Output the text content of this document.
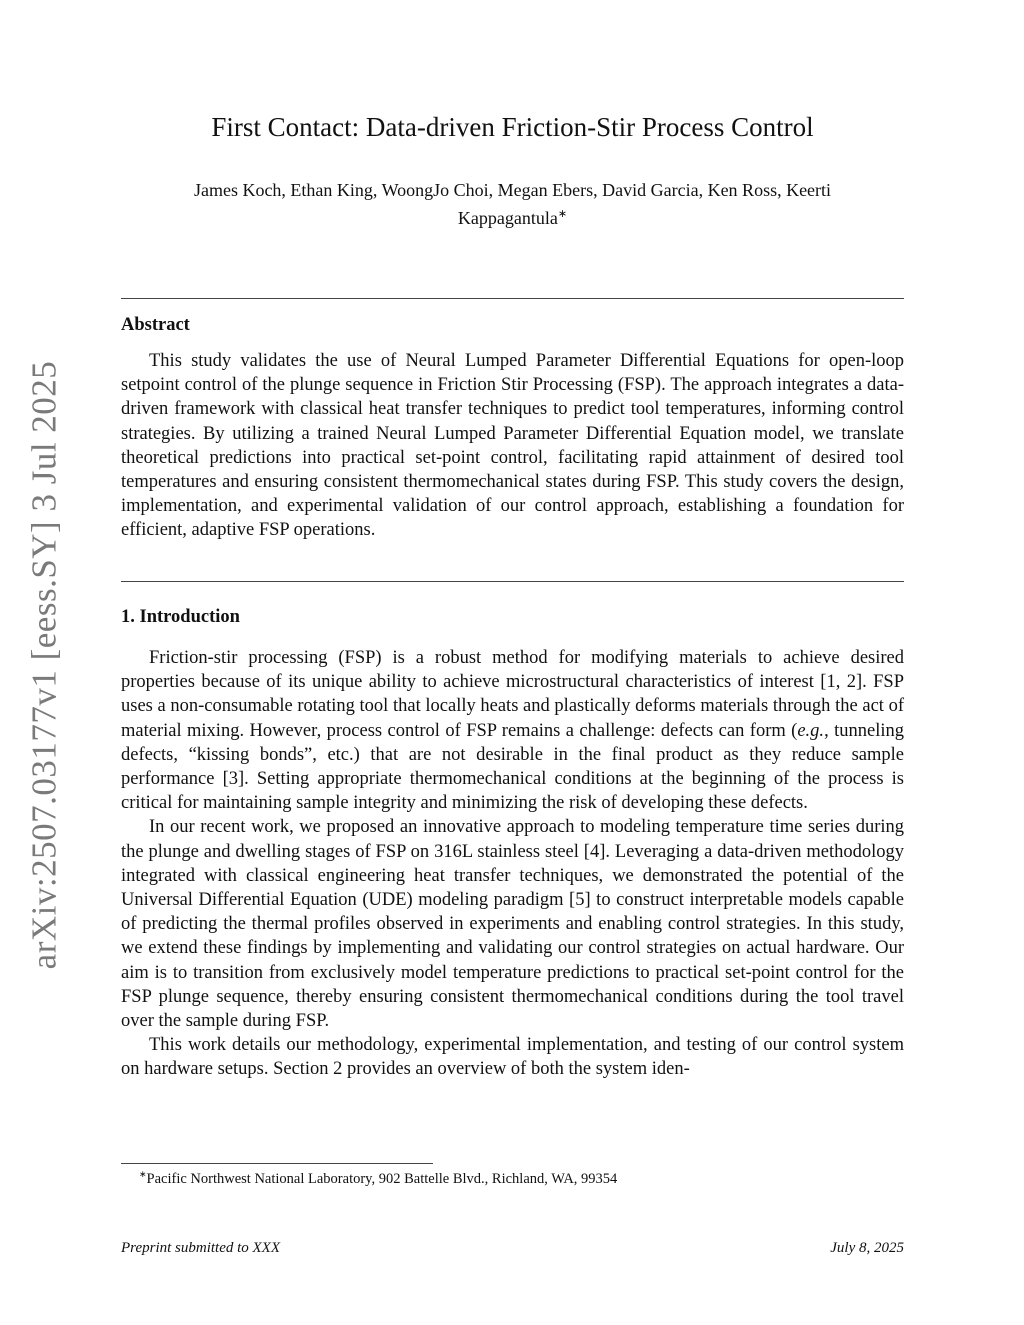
arXiv:2507.03177v1 [eess.SY] 3 Jul 2025
First Contact: Data-driven Friction-Stir Process Control
James Koch, Ethan King, WoongJo Choi, Megan Ebers, David Garcia, Ken Ross, Keerti
Kappagantula∗
Abstract

This study validates the use of Neural Lumped Parameter Differential Equations for open-loop setpoint control of the plunge sequence in Friction Stir Processing (FSP). The approach integrates a data-driven framework with classical heat transfer techniques to predict tool temperatures, informing control strategies. By utilizing a trained Neural Lumped Parameter Differential Equation model, we translate theoretical predictions into practical set-point control, facilitating rapid attainment of desired tool temperatures and ensuring consistent thermomechanical states during FSP. This study covers the design, implementation, and experimental validation of our control approach, establishing a foundation for efficient, adaptive FSP operations.

1. Introduction

Friction-stir processing (FSP) is a robust method for modifying materials to achieve desired properties because of its unique ability to achieve microstructural characteristics of interest [1, 2]. FSP uses a non-consumable rotating tool that locally heats and plastically deforms materials through the act of material mixing. However, process control of FSP remains a challenge: defects can form (e.g., tunneling defects, “kissing bonds”, etc.) that are not desirable in the final product as they reduce sample performance [3]. Setting appropriate thermomechanical conditions at the beginning of the process is critical for maintaining sample integrity and minimizing the risk of developing these defects.

In our recent work, we proposed an innovative approach to modeling temperature time series during the plunge and dwelling stages of FSP on 316L stainless steel [4]. Leveraging a data-driven methodology integrated with classical engineering heat transfer techniques, we demonstrated the potential of the Universal Differential Equation (UDE) modeling paradigm [5] to construct interpretable models capable of predicting the thermal profiles observed in experiments and enabling control strategies. In this study, we extend these findings by implementing and validating our control strategies on actual hardware. Our aim is to transition from exclusively model temperature predictions to practical set-point control for the FSP plunge sequence, thereby ensuring consistent thermomechanical conditions during the tool travel over the sample during FSP.

This work details our methodology, experimental implementation, and testing of our control system on hardware setups. Section 2 provides an overview of both the system iden-

∗Pacific Northwest National Laboratory, 902 Battelle Blvd., Richland, WA, 99354
Preprint submitted to XXX	July 8, 2025
